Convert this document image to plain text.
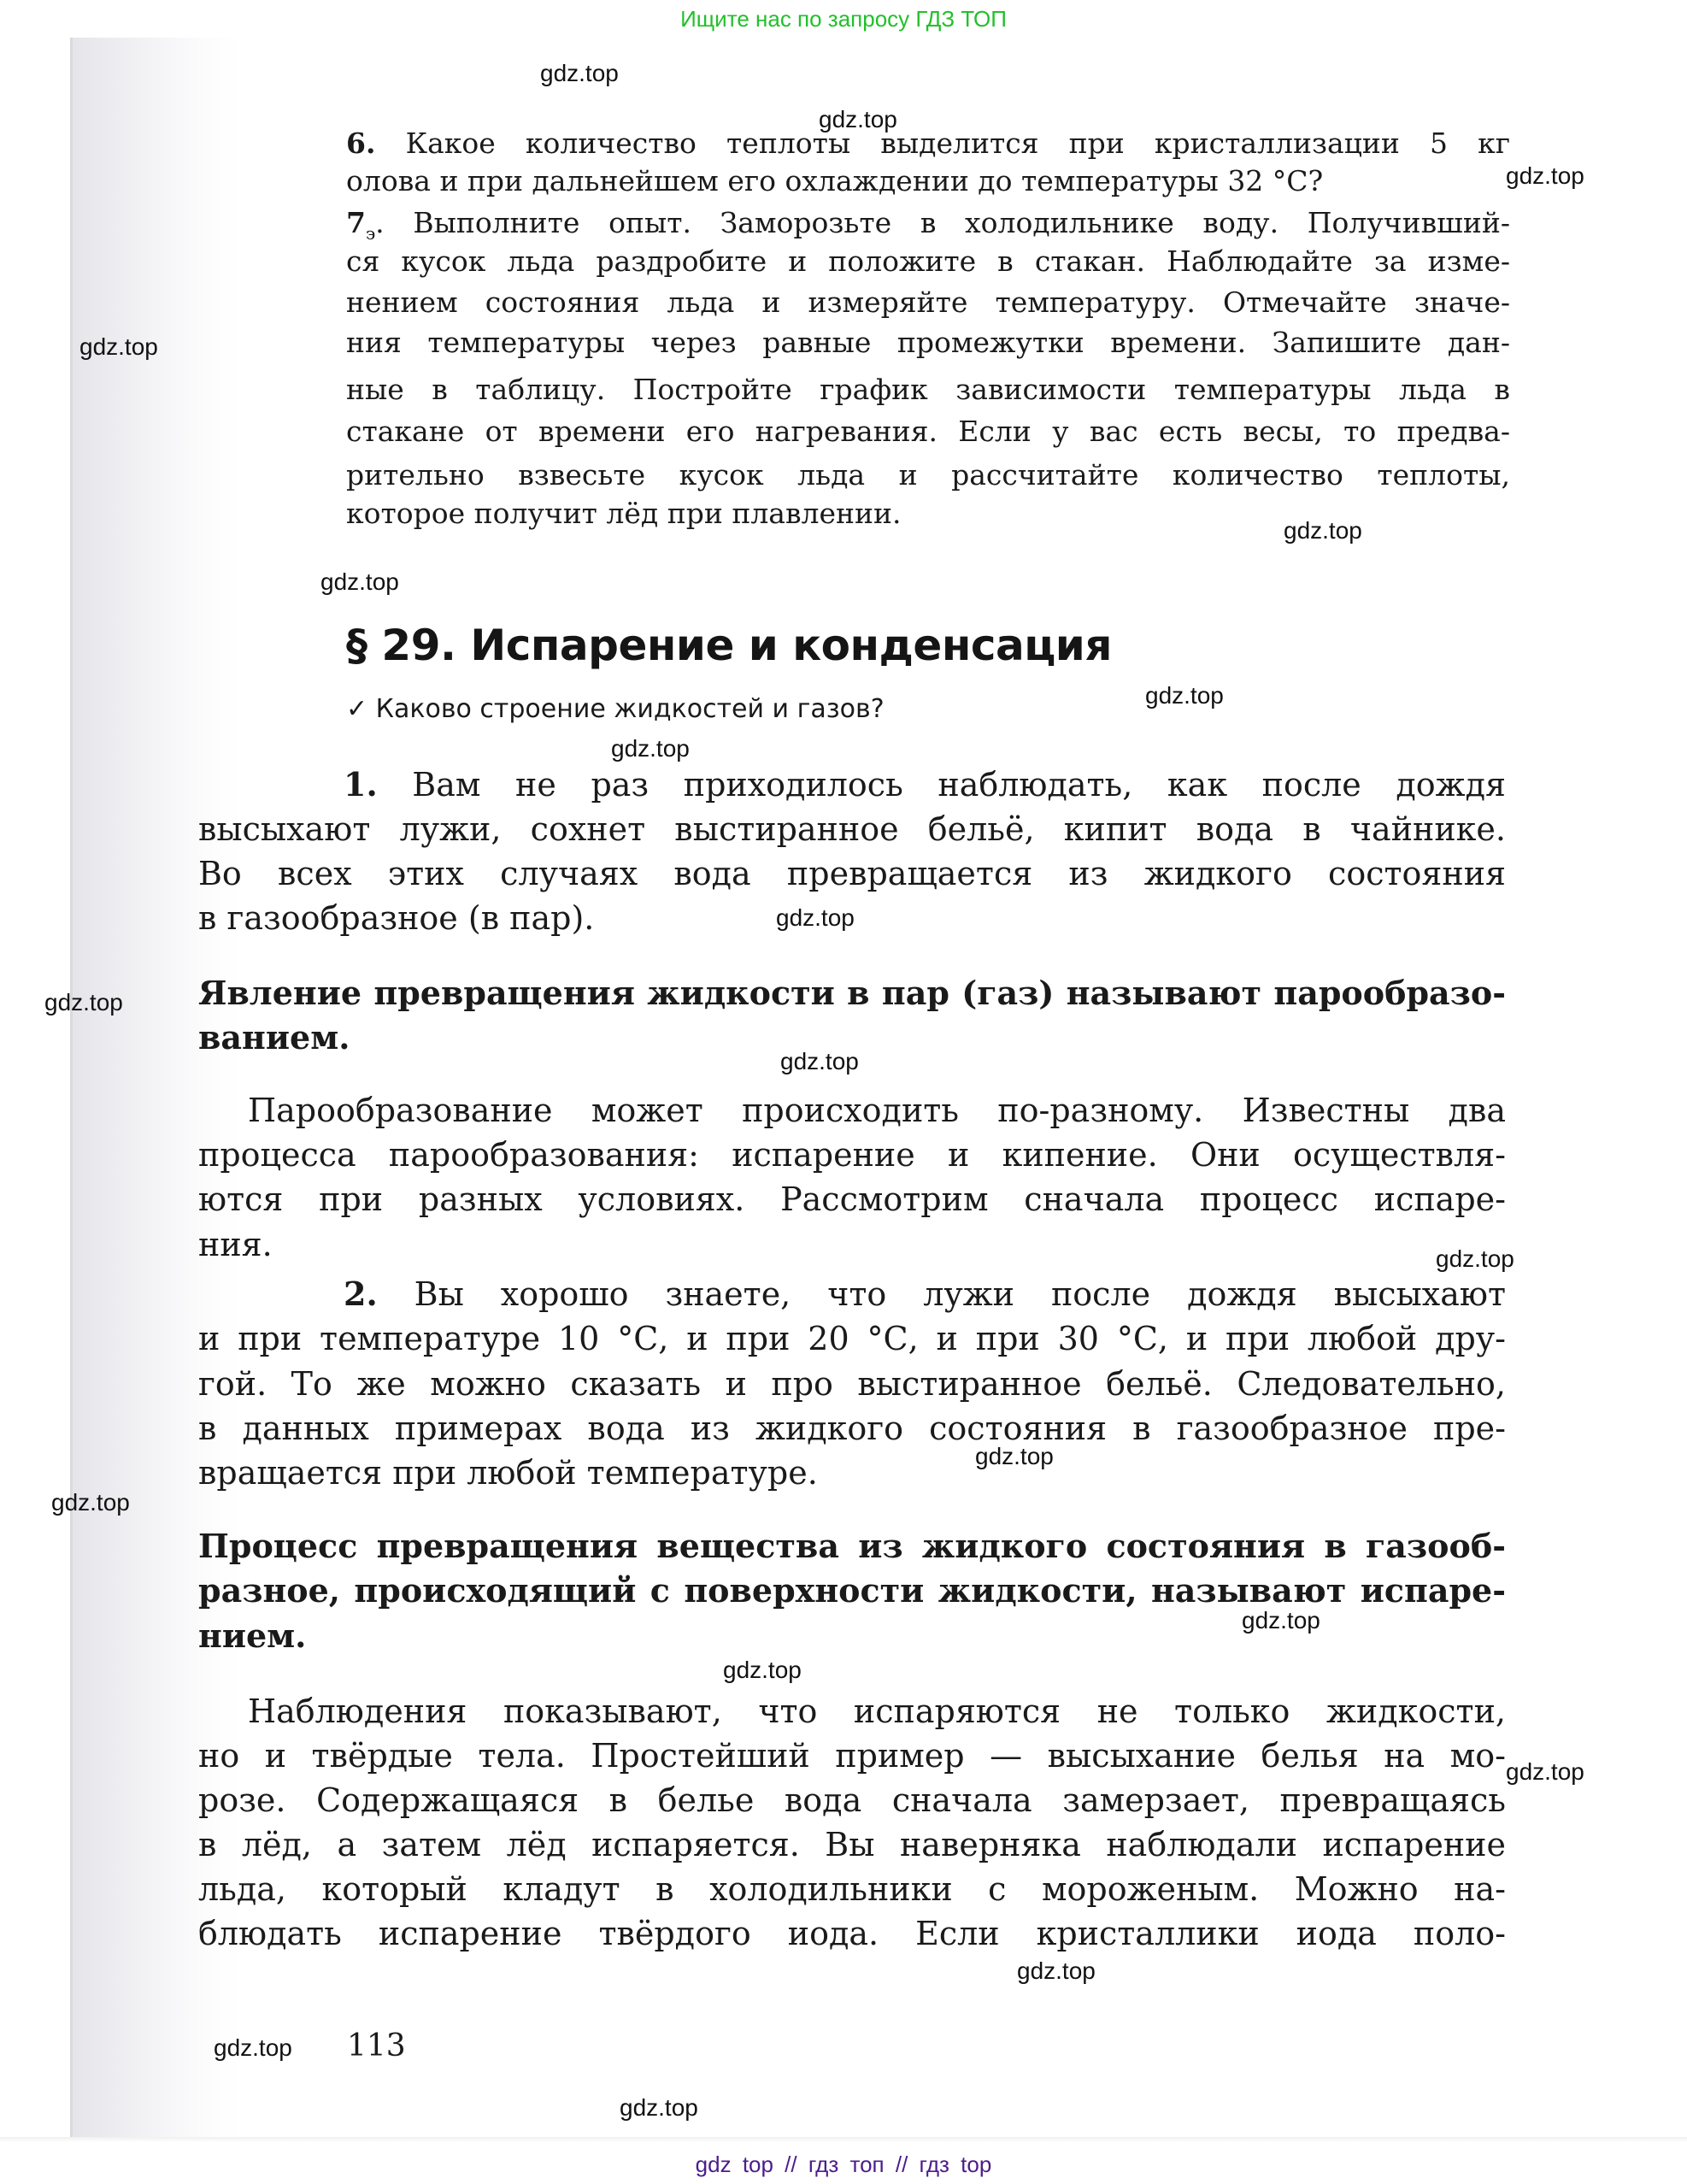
Ищите нас по запросу ГДЗ ТОП
6. Какое количество теплоты выделится при кристаллизации 5 кг
олова и при дальнейшем его охлаждении до температуры 32 °С?
$7_э$. Выполните опыт. Заморозьте в холодильнике воду. Получивший-
ся кусок льда раздробите и положите в стакан. Наблюдайте за изме-
нением состояния льда и измеряйте температуру. Отмечайте значе-
ния температуры через равные промежутки времени. Запишите дан-
ные в таблицу. Постройте график зависимости температуры льда в
стакане от времени его нагревания. Если у вас есть весы, то предва-
рительно взвесьте кусок льда и рассчитайте количество теплоты,
которое получит лёд при плавлении.
§ 29. Испарение и конденсация
✓ Каково строение жидкостей и газов?
1. Вам не раз приходилось наблюдать, как после дождя
высыхают лужи, сохнет выстиранное бельё, кипит вода в чайнике.
Во всех этих случаях вода превращается из жидкого состояния
в газообразное (в пар).
Явление превращения жидкости в пар (газ) называют парообразо-
ванием.
Парообразование может происходить по-разному. Известны два
процесса парообразования: испарение и кипение. Они осуществля-
ются при разных условиях. Рассмотрим сначала процесс испаре-
ния.
2. Вы хорошо знаете, что лужи после дождя высыхают
и при температуре 10 °С, и при 20 °С, и при 30 °С, и при любой дру-
гой. То же можно сказать и про выстиранное бельё. Следовательно,
в данных примерах вода из жидкого состояния в газообразное пре-
вращается при любой температуре.
Процесс превращения вещества из жидкого состояния в газооб-
разное, происходящий с поверхности жидкости, называют испаре-
нием.
Наблюдения показывают, что испаряются не только жидкости,
но и твёрдые тела. Простейший пример — высыхание белья на мо-
розе. Содержащаяся в белье вода сначала замерзает, превращаясь
в лёд, а затем лёд испаряется. Вы наверняка наблюдали испарение
льда, который кладут в холодильники с мороженым. Можно на-
блюдать испарение твёрдого иода. Если кристаллики иода поло-
113
gdz.top
gdz.top
gdz.top
gdz.top
gdz.top
gdz.top
gdz.top
gdz.top
gdz.top
gdz.top
gdz.top
gdz.top
gdz.top
gdz.top
gdz.top
gdz.top
gdz.top
gdz.top
gdz.top
gdz.top
gdz top // гдз топ // гдз top
